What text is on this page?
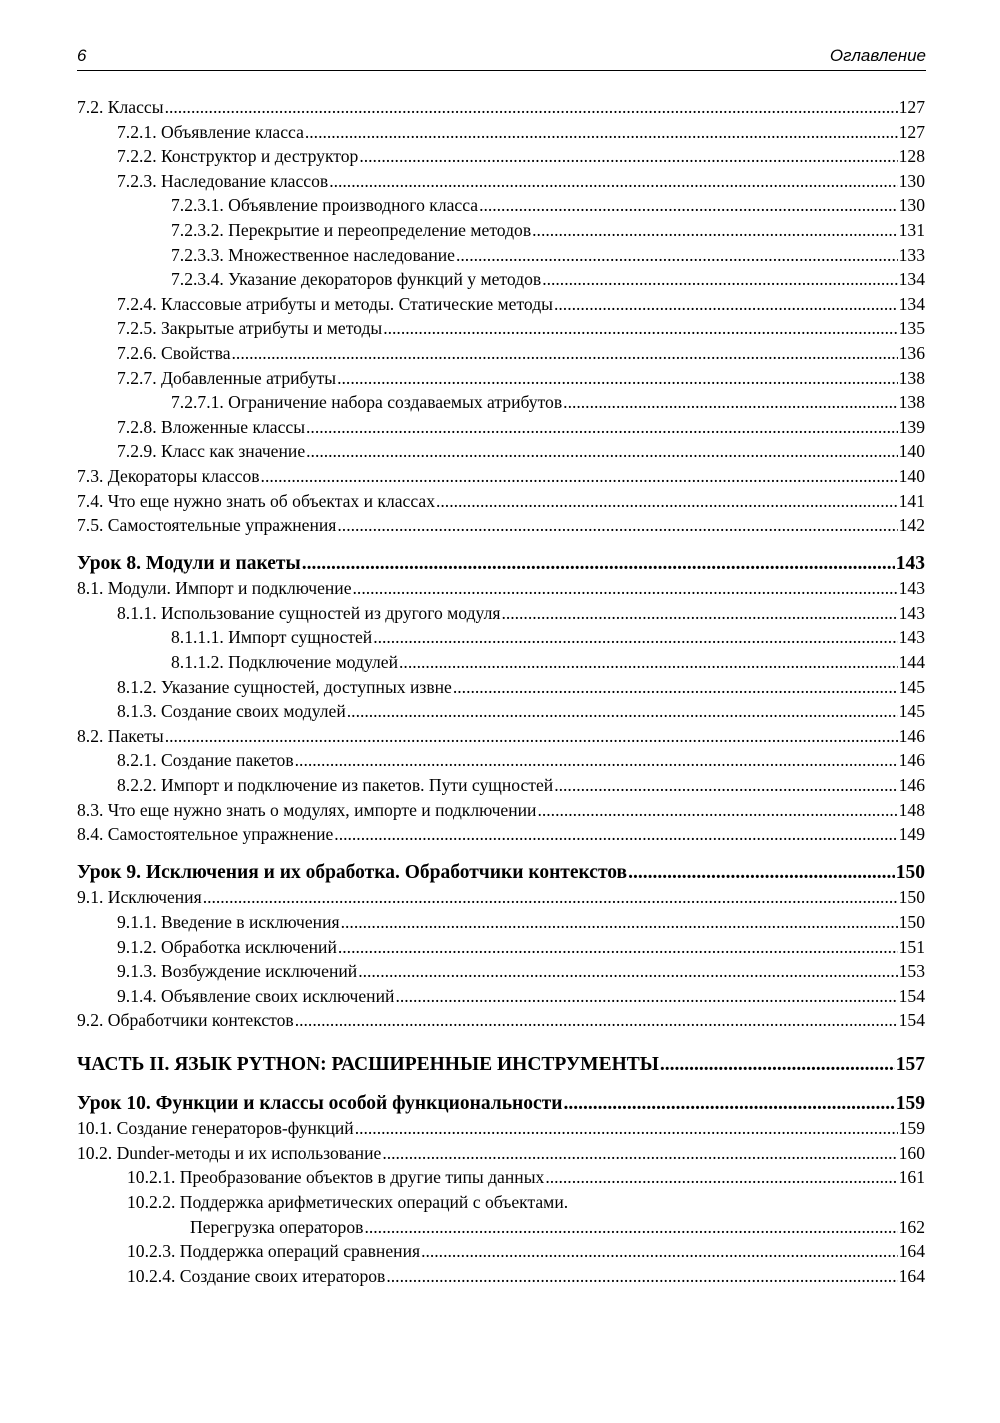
6	Оглавление
7.2. Классы .....	127
7.2.1. Объявление класса .....	127
7.2.2. Конструктор и деструктор .....	128
7.2.3. Наследование классов .....	130
7.2.3.1. Объявление производного класса .....	130
7.2.3.2. Перекрытие и переопределение методов .....	131
7.2.3.3. Множественное наследование .....	133
7.2.3.4. Указание декораторов функций у методов .....	134
7.2.4. Классовые атрибуты и методы. Статические методы .....	134
7.2.5. Закрытые атрибуты и методы .....	135
7.2.6. Свойства .....	136
7.2.7. Добавленные атрибуты .....	138
7.2.7.1. Ограничение набора создаваемых атрибутов .....	138
7.2.8. Вложенные классы .....	139
7.2.9. Класс как значение .....	140
7.3. Декораторы классов .....	140
7.4. Что еще нужно знать об объектах и классах .....	141
7.5. Самостоятельные упражнения .....	142
Урок 8. Модули и пакеты .....	143
8.1. Модули. Импорт и подключение .....	143
8.1.1. Использование сущностей из другого модуля .....	143
8.1.1.1. Импорт сущностей .....	143
8.1.1.2. Подключение модулей .....	144
8.1.2. Указание сущностей, доступных извне .....	145
8.1.3. Создание своих модулей .....	145
8.2. Пакеты .....	146
8.2.1. Создание пакетов .....	146
8.2.2. Импорт и подключение из пакетов. Пути сущностей .....	146
8.3. Что еще нужно знать о модулях, импорте и подключении .....	148
8.4. Самостоятельное упражнение .....	149
Урок 9. Исключения и их обработка. Обработчики контекстов .....	150
9.1. Исключения .....	150
9.1.1. Введение в исключения .....	150
9.1.2. Обработка исключений .....	151
9.1.3. Возбуждение исключений .....	153
9.1.4. Объявление своих исключений .....	154
9.2. Обработчики контекстов .....	154
ЧАСТЬ II. ЯЗЫК PYTHON: РАСШИРЕННЫЕ ИНСТРУМЕНТЫ .....	157
Урок 10. Функции и классы особой функциональности .....	159
10.1. Создание генераторов-функций .....	159
10.2. Dunder-методы и их использование .....	160
10.2.1. Преобразование объектов в другие типы данных .....	161
10.2.2. Поддержка арифметических операций с объектами.
Перегрузка операторов .....	162
10.2.3. Поддержка операций сравнения .....	164
10.2.4. Создание своих итераторов .....	164
